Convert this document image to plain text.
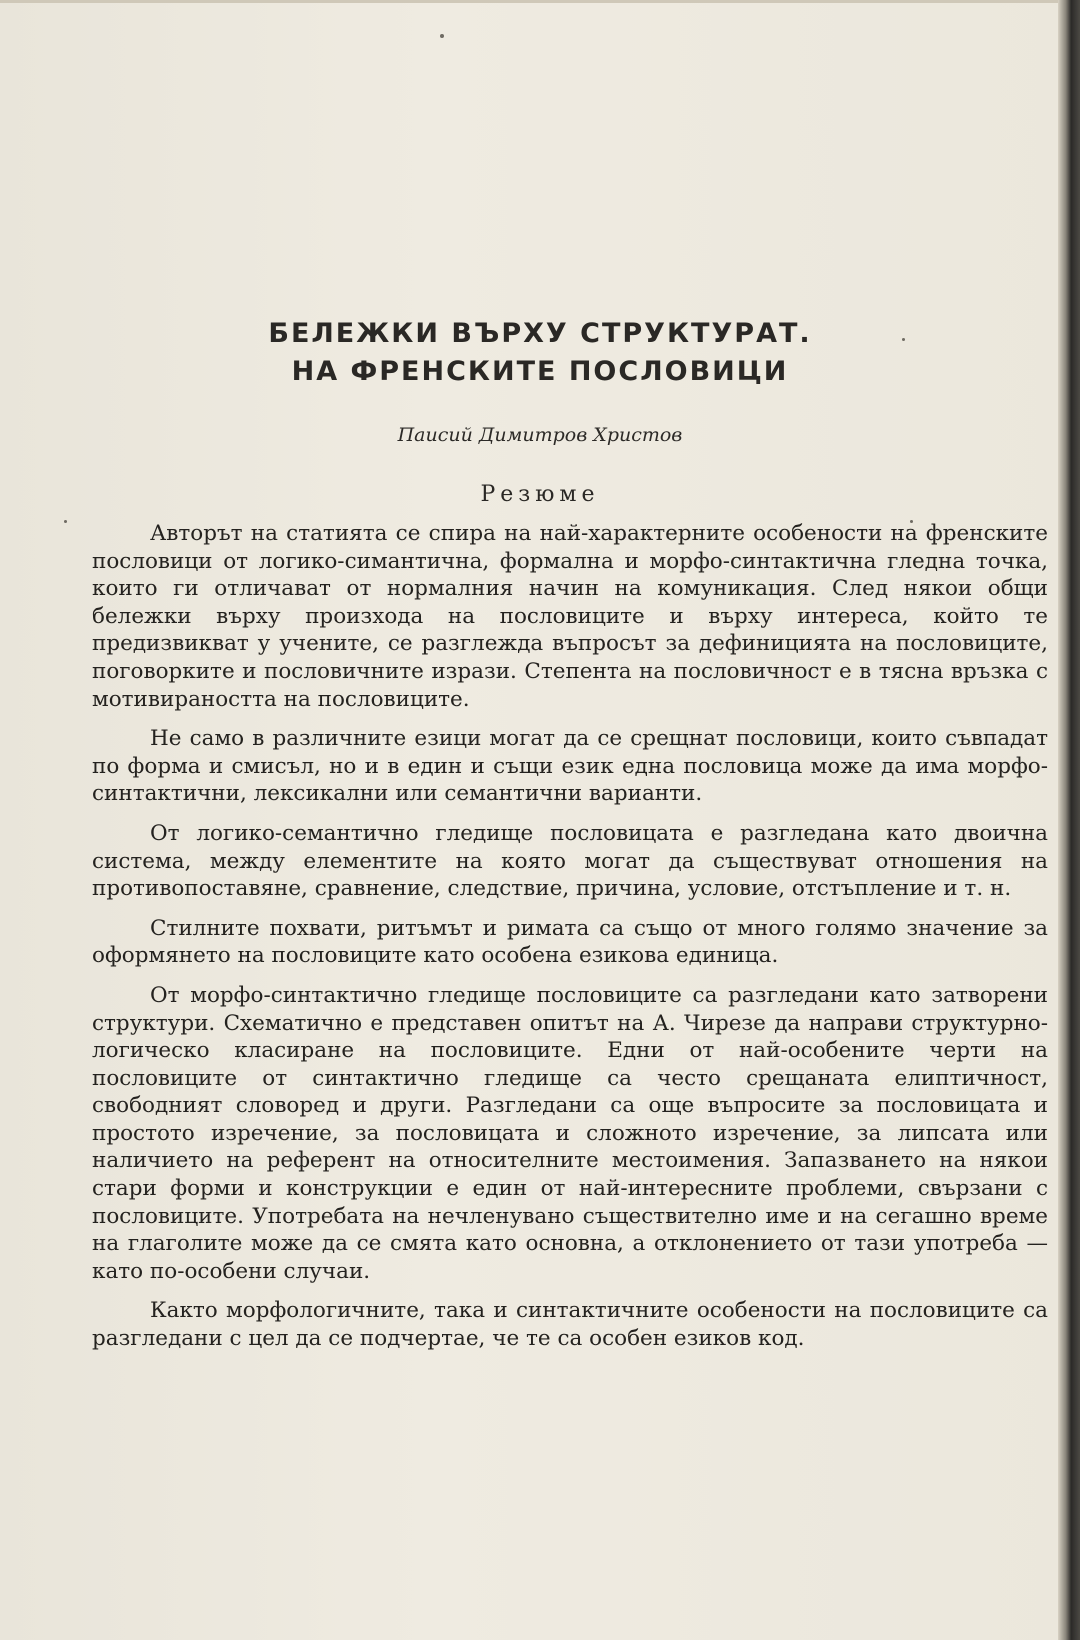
БЕЛЕЖКИ ВЪРХУ СТРУКТУРАТ.
НА ФРЕНСКИТЕ ПОСЛОВИЦИ
Паисий Димитров Христов
Резюме

Авторът на статията се спира на най-характерните особености на френските пословици от логико-симантична, формална и морфо-синтактична гледна точка, които ги отличават от нормалния начин на комуникация. След някои общи бележки върху произхода на пословиците и върху интереса, който те предизвикват у учените, се разглежда въпросът за дефиницията на пословиците, поговорките и пословичните изрази. Степента на пословичност е в тясна връзка с мотивираността на пословиците.

Не само в различните езици могат да се срещнат пословици, които съвпадат по форма и смисъл, но и в един и същи език една пословица може да има морфо-синтактични, лексикални или семантични варианти.

От логико-семантично гледище пословицата е разгледана като двоична система, между елементите на която могат да съществуват отношения на противопоставяне, сравнение, следствие, причина, условие, отстъпление и т. н.

Стилните похвати, ритъмът и римата са също от много голямо значение за оформянето на пословиците като особена езикова единица.

От морфо-синтактично гледище пословиците са разгледани като затворени структури. Схематично е представен опитът на А. Чирезе да направи структурно-логическо класиране на пословиците. Едни от най-особените черти на пословиците от синтактично гледище са често срещаната елиптичност, свободният словоред и други. Разгледани са още въпросите за пословицата и простото изречение, за пословицата и сложното изречение, за липсата или наличието на референт на относителните местоимения. Запазването на някои стари форми и конструкции е един от най-интересните проблеми, свързани с пословиците. Употребата на нечленувано съществително име и на сегашно време на глаголите може да се смята като основна, а отклонението от тази употреба — като по-особени случаи.

Както морфологичните, така и синтактичните особености на пословиците са разгледани с цел да се подчертае, че те са особен езиков код.
